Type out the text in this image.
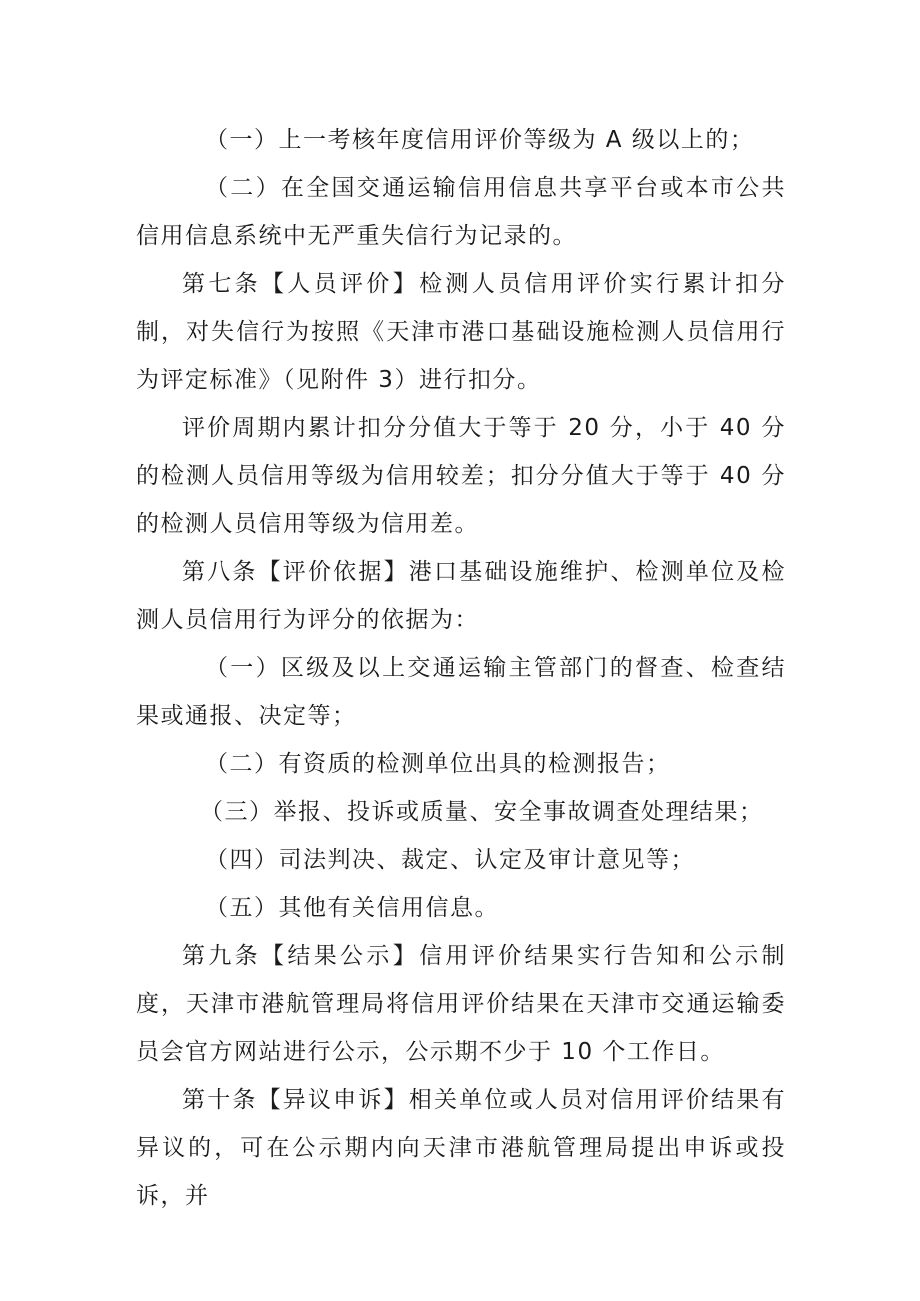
（一）上一考核年度信用评价等级为 A 级以上的；

（二）在全国交通运输信用信息共享平台或本市公共信用信息系统中无严重失信行为记录的。

第七条【人员评价】检测人员信用评价实行累计扣分制，对失信行为按照《天津市港口基础设施检测人员信用行为评定标准》（见附件 3）进行扣分。

评价周期内累计扣分分值大于等于 20 分，小于 40 分的检测人员信用等级为信用较差；扣分分值大于等于 40 分的检测人员信用等级为信用差。

第八条【评价依据】港口基础设施维护、检测单位及检测人员信用行为评分的依据为：

（一）区级及以上交通运输主管部门的督查、检查结果或通报、决定等；

（二）有资质的检测单位出具的检测报告；

（三）举报、投诉或质量、安全事故调查处理结果；

（四）司法判决、裁定、认定及审计意见等；

（五）其他有关信用信息。

第九条【结果公示】信用评价结果实行告知和公示制度，天津市港航管理局将信用评价结果在天津市交通运输委员会官方网站进行公示，公示期不少于 10 个工作日。

第十条【异议申诉】相关单位或人员对信用评价结果有异议的，可在公示期内向天津市港航管理局提出申诉或投诉，并
